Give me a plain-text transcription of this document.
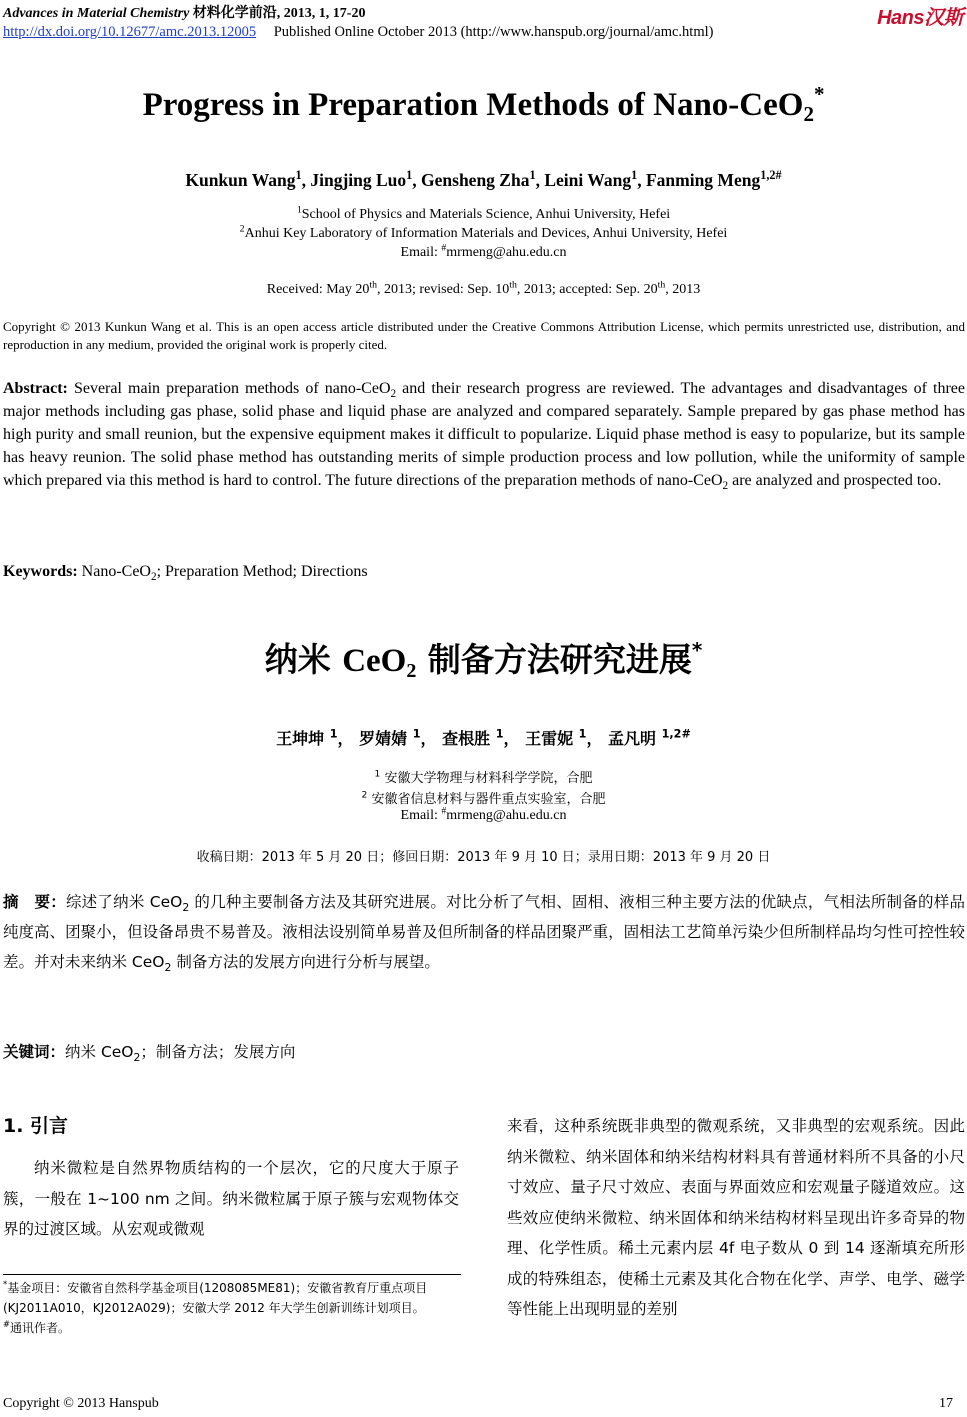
Advances in Material Chemistry 材料化学前沿, 2013, 1, 17-20	Hans汉斯
http://dx.doi.org/10.12677/amc.2013.12005 Published Online October 2013 (http://www.hanspub.org/journal/amc.html)
Progress in Preparation Methods of Nano-CeO$_2$*
Kunkun Wang$^1$, Jingjing Luo$^1$, Gensheng Zha$^1$, Leini Wang$^1$, Fanming Meng$^{1,2\#}$
$^1$School of Physics and Materials Science, Anhui University, Hefei
$^2$Anhui Key Laboratory of Information Materials and Devices, Anhui University, Hefei
Email: #mrmeng@ahu.edu.cn
Received: May 20th, 2013; revised: Sep. 10th, 2013; accepted: Sep. 20th, 2013
Copyright © 2013 Kunkun Wang et al. This is an open access article distributed under the Creative Commons Attribution License, which permits unrestricted use, distribution, and reproduction in any medium, provided the original work is properly cited.
Abstract: Several main preparation methods of nano-CeO$_2$ and their research progress are reviewed. The advantages and disadvantages of three major methods including gas phase, solid phase and liquid phase are analyzed and compared separately. Sample prepared by gas phase method has high purity and small reunion, but the expensive equipment makes it difficult to popularize. Liquid phase method is easy to popularize, but its sample has heavy reunion. The solid phase method has outstanding merits of simple production process and low pollution, while the uniformity of sample which prepared via this method is hard to control. The future directions of the preparation methods of nano-CeO$_2$ are analyzed and prospected too.
Keywords: Nano-CeO$_2$; Preparation Method; Directions
纳米 CeO$_2$ 制备方法研究进展*
王坤坤 $^1$， 罗婧婧 $^1$， 查根胜 $^1$， 王雷妮 $^1$， 孟凡明 $^{1,2\#}$
$^1$ 安徽大学物理与材料科学学院，合肥
$^2$ 安徽省信息材料与器件重点实验室，合肥
Email: #mrmeng@ahu.edu.cn
收稿日期：2013 年 5 月 20 日；修回日期：2013 年 9 月 10 日；录用日期：2013 年 9 月 20 日
摘　要：综述了纳米 CeO$_2$ 的几种主要制备方法及其研究进展。对比分析了气相、固相、液相三种主要方法的优缺点，气相法所制备的样品纯度高、团聚小，但设备昂贵不易普及。液相法设别简单易普及但所制备的样品团聚严重，固相法工艺简单污染少但所制样品均匀性可控性较差。并对未来纳米 CeO$_2$ 制备方法的发展方向进行分析与展望。
关键词：纳米 CeO$_2$；制备方法；发展方向
1. 引言

纳米微粒是自然界物质结构的一个层次，它的尺度大于原子簇，一般在 1~100 nm 之间。纳米微粒属于原子簇与宏观物体交界的过渡区域。从宏观或微观

*基金项目：安徽省自然科学基金项目(1208085ME81)；安徽省教育厅重点项目(KJ2011A010，KJ2012A029)；安徽大学 2012 年大学生创新训练计划项目。

#通讯作者。

来看，这种系统既非典型的微观系统，又非典型的宏观系统。因此纳米微粒、纳米固体和纳米结构材料具有普通材料所不具备的小尺寸效应、量子尺寸效应、表面与界面效应和宏观量子隧道效应。这些效应使纳米微粒、纳米固体和纳米结构材料呈现出许多奇异的物理、化学性质。稀土元素内层 4f 电子数从 0 到 14 逐渐填充所形成的特殊组态，使稀土元素及其化合物在化学、声学、电学、磁学等性能上出现明显的差别

Copyright © 2013 Hanspub	17
